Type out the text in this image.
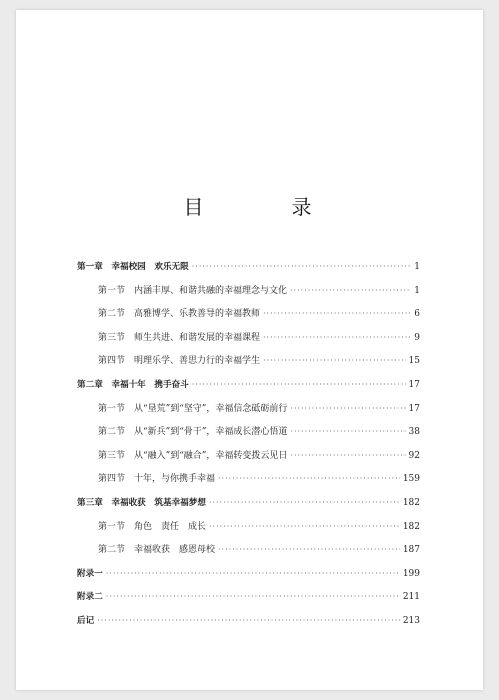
目　录
第一章　幸福校园　欢乐无限 ·····	1
第一节　内涵丰厚、和谐共融的幸福理念与文化 ·····	1
第二节　高雅博学、乐教善导的幸福教师 ·····	6
第三节　师生共进、和谐发展的幸福课程 ·····	9
第四节　明理乐学、善思力行的幸福学生 ·····	15
第二章　幸福十年　携手奋斗 ·····	17
第一节　从“垦荒”到“坚守”，幸福信念砥砺前行 ·····	17
第二节　从“新兵”到“骨干”，幸福成长潜心悟道 ·····	38
第三节　从“融入”到“融合”，幸福转变拨云见日 ·····	92
第四节　十年，与你携手幸福 ·····	159
第三章　幸福收获　筑基幸福梦想 ·····	182
第一节　角色　责任　成长 ·····	182
第二节　幸福收获　感恩母校 ·····	187
附录一 ·····	199
附录二 ·····	211
后记 ·····	213
